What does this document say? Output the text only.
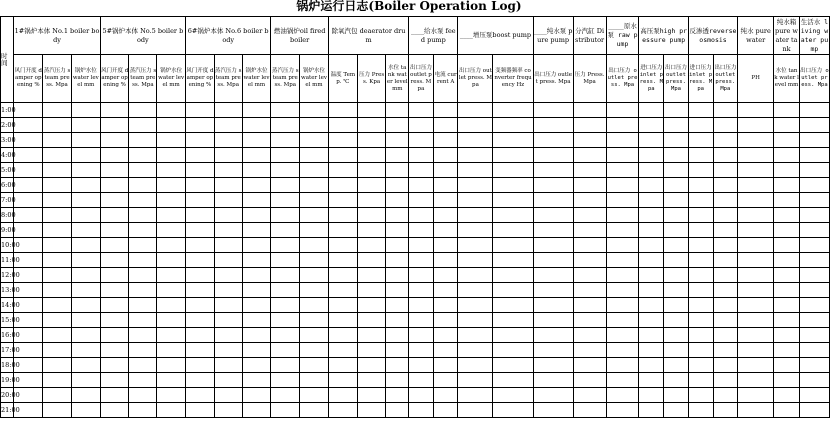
锅炉运行日志(Boiler Operation Log)
时间	1#锅炉本体 No.1 boiler body			5#锅炉本体 No.5 boiler body			6#锅炉本体 No.6 boiler body			燃油锅炉oil fired boiler		除氧汽包 deaerator drum			____给水泵 feed pump		____增压泵boost pump		____纯水泵 pure pump	分汽缸 Distributor	____原水泵 raw pump	高压泵high pressure pump		反渗透reverse osmosis		纯水 pure water	纯水箱 pure water tank	生活水 living water pump
	风门开度 damper opening %	蒸汽压力 steam press. Mpa	锅炉水位 water level mm	风门开度 damper opening %	蒸汽压力 steam press. Mpa	锅炉水位 water level mm	风门开度 damper opening %	蒸汽压力 steam press. Mpa	锅炉水位 water level mm	蒸汽压力 steam press. Mpa	锅炉水位 water level mm	温度 Temp. ℃	压力 Press. Kpa	水位 tank water level mm	出口压力 outlet press. Mpa	电流 current A	出口压力 outlet press. Mpa	变频器频率 converter frequency Hz	出口压力 outlet press. Mpa	压力 Press. Mpa	出口压力 outlet press. Mpa	进口压力 inlet press. Mpa	出口压力 outlet press. Mpa	进口压力 inlet press. Mpa	出口压力 outlet press. Mpa	PH	水位 tank water level mm	出口压力 outlet press. Mpa
1:00																												
2:00																												
3:00																												
4:00																												
5:00																												
6:00																												
7:00																												
8:00																												
9:00																												
10:00																												
11:00																												
12:00																												
13:00																												
14:00																												
15:00																												
16:00																												
17:00																												
18:00																												
19:00																												
20:00																												
21:00																												
